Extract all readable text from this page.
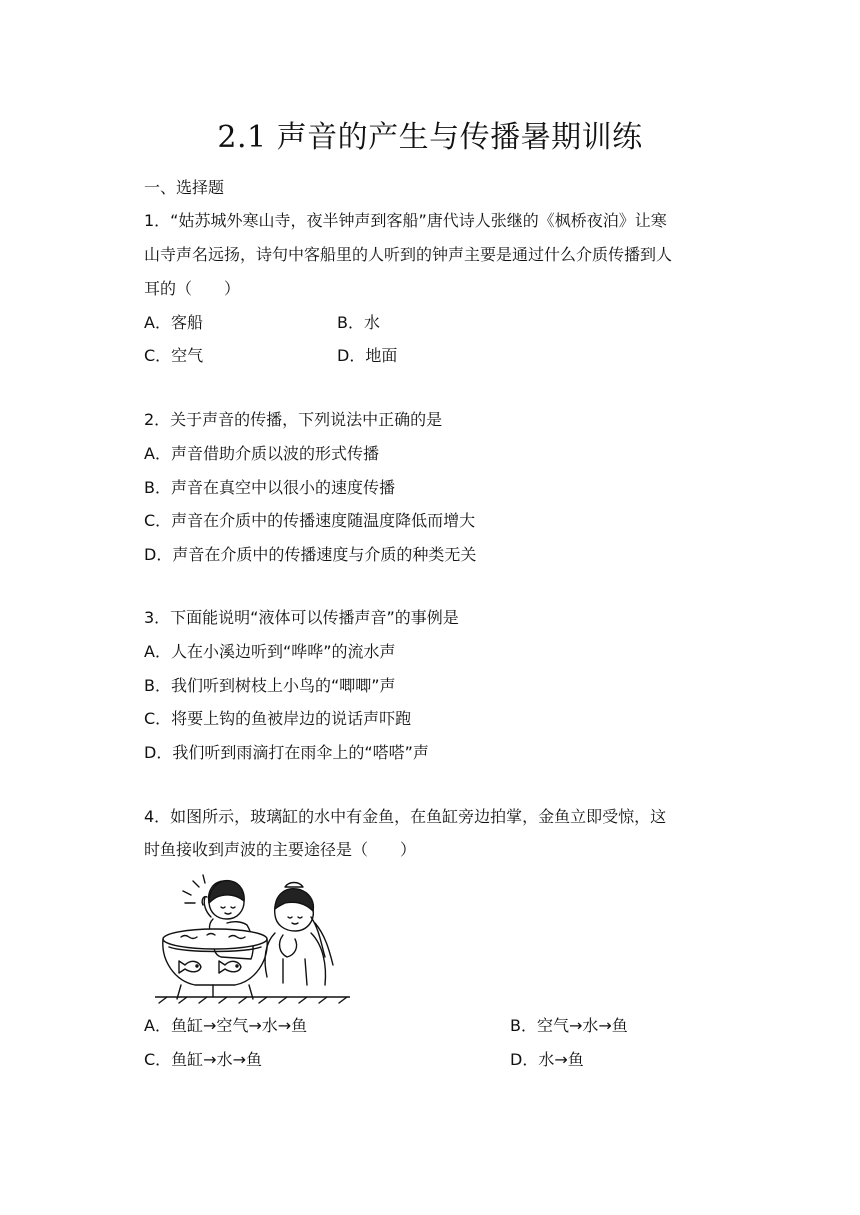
2.1 声音的产生与传播暑期训练
一、选择题
1．“姑苏城外寒山寺，夜半钟声到客船”唐代诗人张继的《枫桥夜泊》让寒
山寺声名远扬，诗句中客船里的人听到的钟声主要是通过什么介质传播到人
耳的（　　）
A．客船	B．水
C．空气	D．地面
2．关于声音的传播，下列说法中正确的是
A．声音借助介质以波的形式传播
B．声音在真空中以很小的速度传播
C．声音在介质中的传播速度随温度降低而增大
D．声音在介质中的传播速度与介质的种类无关
3．下面能说明“液体可以传播声音”的事例是
A．人在小溪边听到“哗哗”的流水声
B．我们听到树枝上小鸟的“唧唧”声
C．将要上钩的鱼被岸边的说话声吓跑
D．我们听到雨滴打在雨伞上的“嗒嗒”声
4．如图所示，玻璃缸的水中有金鱼，在鱼缸旁边拍掌，金鱼立即受惊，这
时鱼接收到声波的主要途径是（　　）
A．鱼缸→空气→水→鱼	B．空气→水→鱼
C．鱼缸→水→鱼	D．水→鱼
